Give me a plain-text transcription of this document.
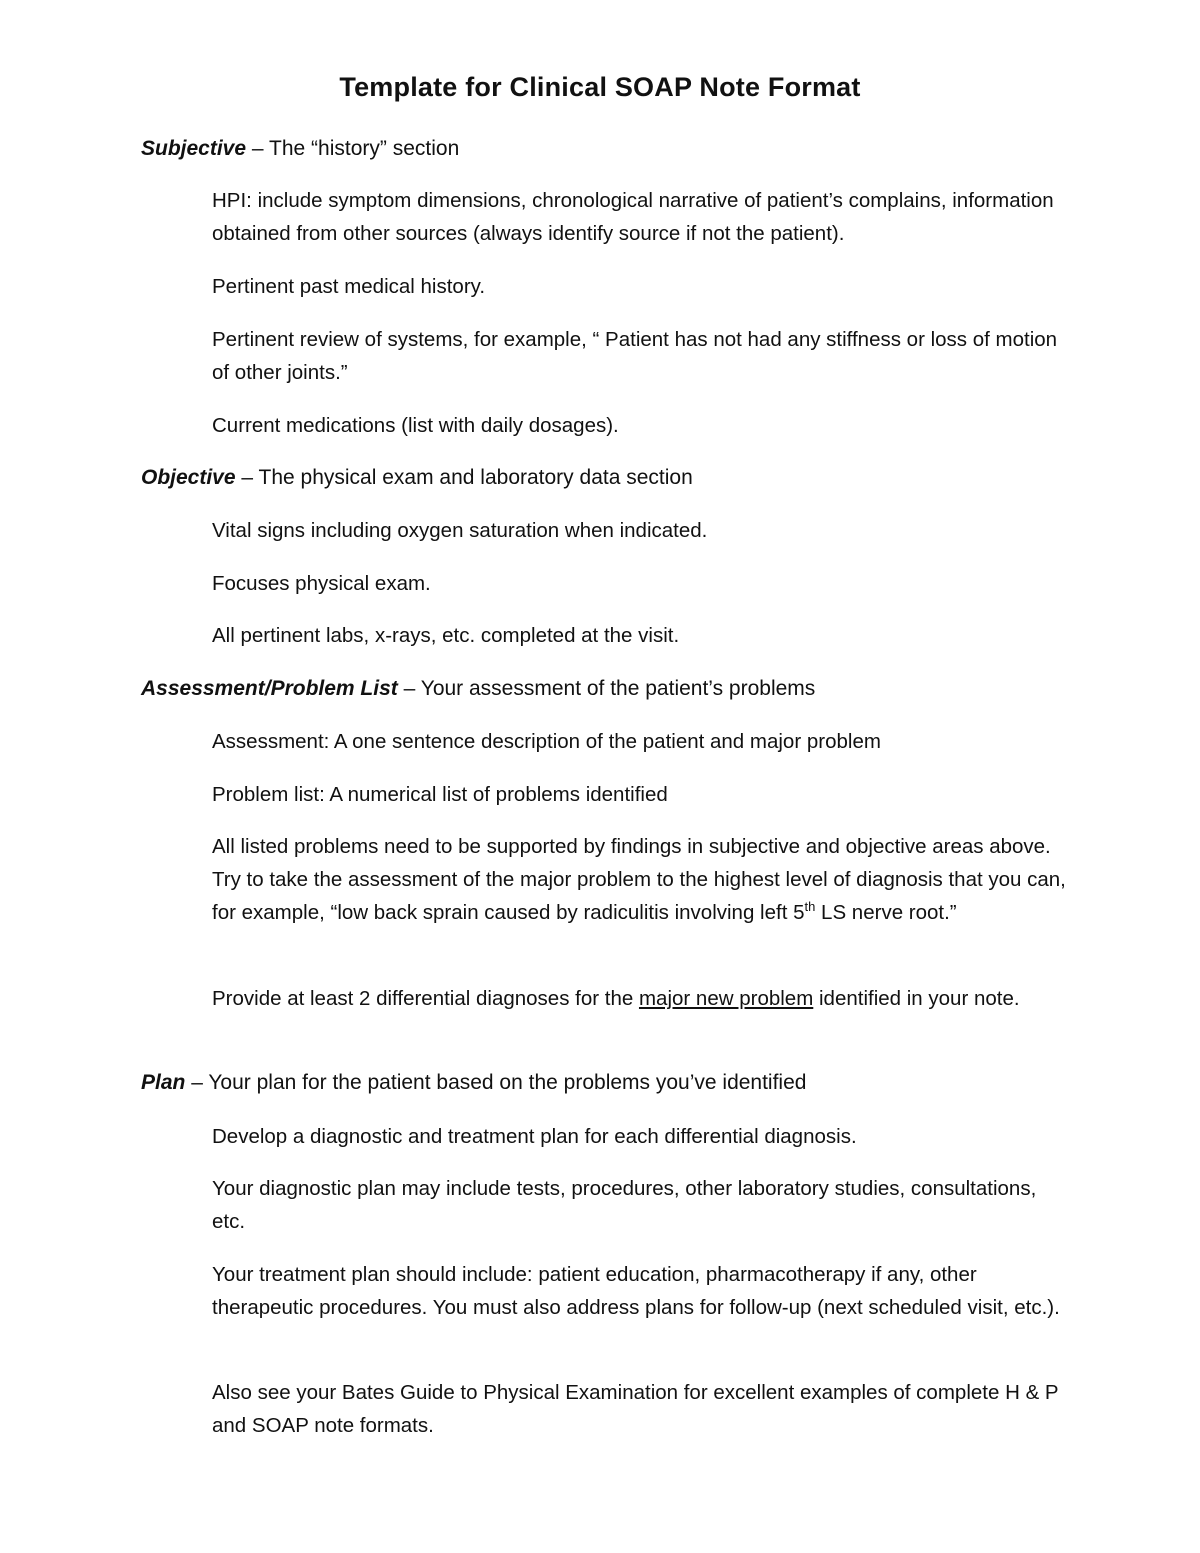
Template for Clinical SOAP Note Format
Subjective – The “history” section

HPI: include symptom dimensions, chronological narrative of patient’s complains, information obtained from other sources (always identify source if not the patient).

Pertinent past medical history.

Pertinent review of systems, for example, “ Patient has not had any stiffness or loss of motion of other joints.”

Current medications (list with daily dosages).

Objective – The physical exam and laboratory data section

Vital signs including oxygen saturation when indicated.

Focuses physical exam.

All pertinent labs, x-rays, etc. completed at the visit.

Assessment/Problem List – Your assessment of the patient’s problems

Assessment: A one sentence description of the patient and major problem

Problem list: A numerical list of problems identified

All listed problems need to be supported by findings in subjective and objective areas above. Try to take the assessment of the major problem to the highest level of diagnosis that you can, for example, “low back sprain caused by radiculitis involving left 5th LS nerve root.”

Provide at least 2 differential diagnoses for the major new problem identified in your note.

Plan – Your plan for the patient based on the problems you’ve identified

Develop a diagnostic and treatment plan for each differential diagnosis.

Your diagnostic plan may include tests, procedures, other laboratory studies, consultations, etc.

Your treatment plan should include: patient education, pharmacotherapy if any, other therapeutic procedures. You must also address plans for follow-up (next scheduled visit, etc.).

Also see your Bates Guide to Physical Examination for excellent examples of complete H & P and SOAP note formats.
